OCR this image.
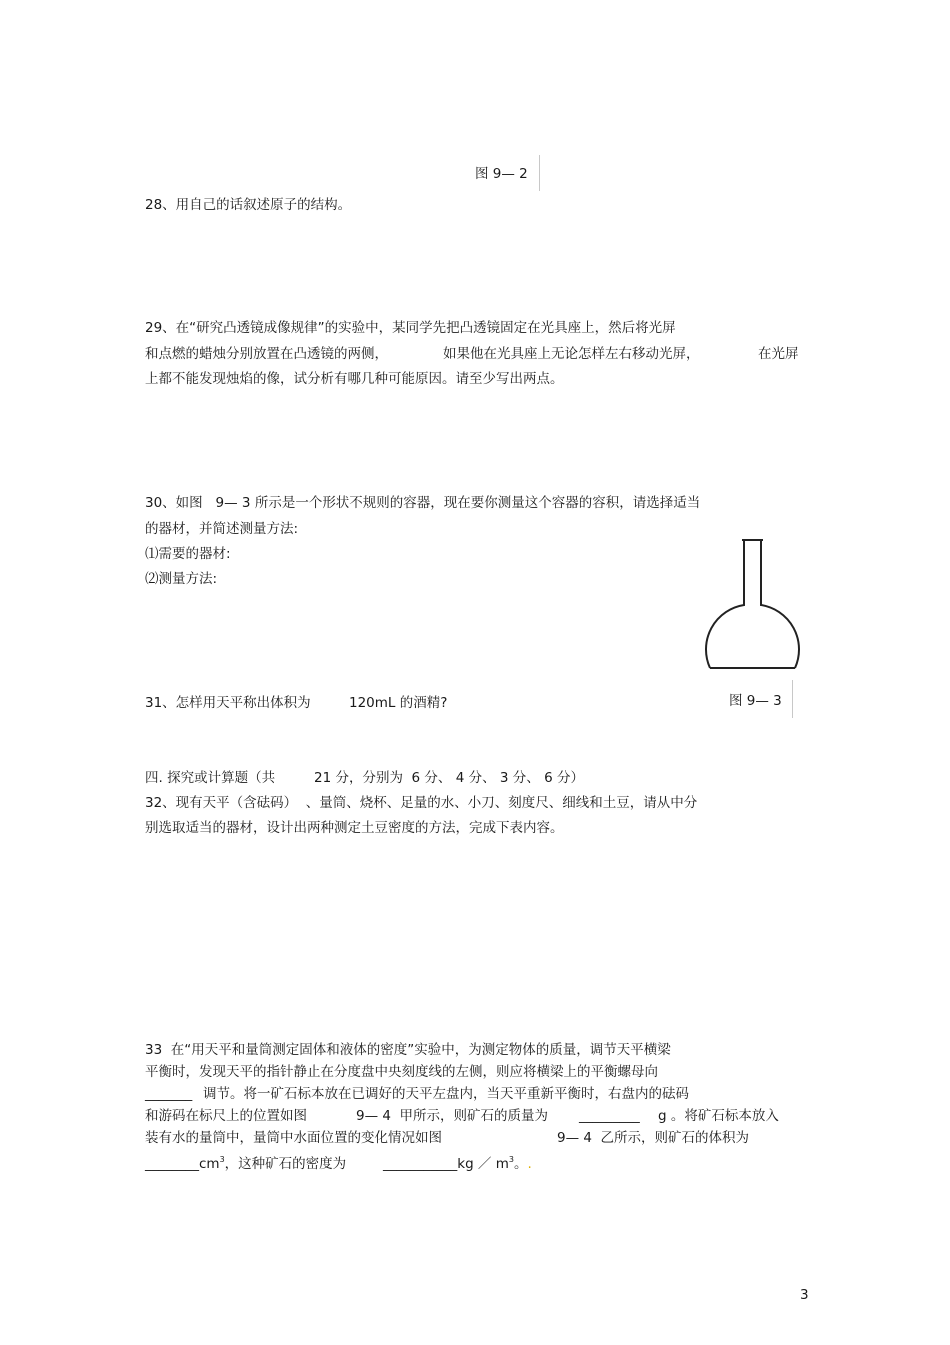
图 9— 2
28、用自己的话叙述原子的结构。
29、在“研究凸透镜成像规律”的实验中，某同学先把凸透镜固定在光具座上，然后将光屏
和点燃的蜡烛分别放置在凸透镜的两侧，	如果他在光具座上无论怎样左右移动光屏，	在光屏
上都不能发现烛焰的像，试分析有哪几种可能原因。请至少写出两点。
30、如图   9— 3 所示是一个形状不规则的容器，现在要你测量这个容器的容积，请选择适当
的器材，并简述测量方法:
⑴需要的器材:
⑵测量方法:
31、怎样用天平称出体积为	120mL 的酒精?	图 9— 3
四. 探究或计算题（共	21 分，分别为  6 分、 4 分、 3 分、 6 分）
32、现有天平（含砝码）  、量筒、烧杯、足量的水、小刀、刻度尺、细线和土豆，请从中分
别选取适当的器材，设计出两种测定土豆密度的方法，完成下表内容。
33  在“用天平和量筒测定固体和液体的密度”实验中，为测定物体的质量，调节天平横梁
平衡时，发现天平的指针静止在分度盘中央刻度线的左侧，则应将横梁上的平衡螺母向
_______ 调节。将一矿石标本放在已调好的天平左盘内，当天平重新平衡时，右盘内的砝码
和游码在标尺上的位置如图	9— 4  甲所示，则矿石的质量为 _________ g 。将矿石标本放入
装有水的量筒中，量筒中水面位置的变化情况如图	9— 4  乙所示，则矿石的体积为
$\_\_\_\_\_\_\_\_cm^3$，这种矿石的密度为	___________kg ／ $m^3$。.
3
